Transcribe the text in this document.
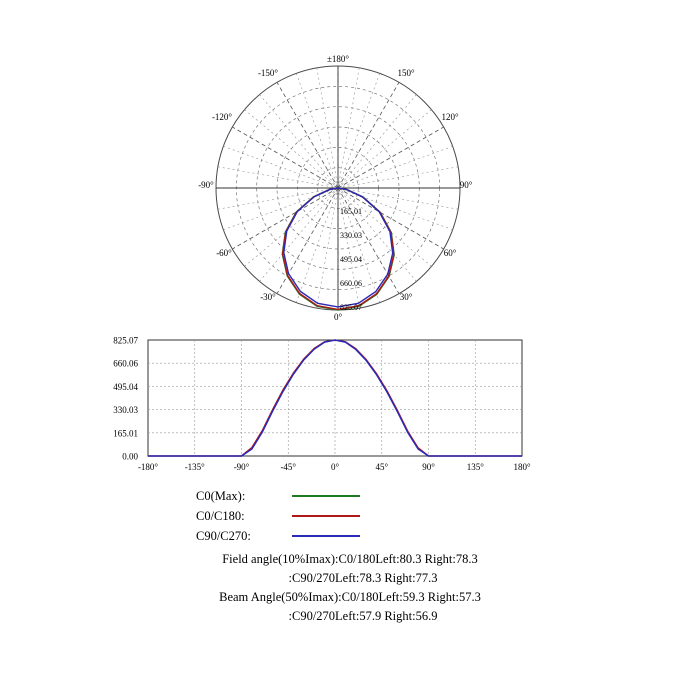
±180°
150°
120°
90°
60°
30°
0°
-30°
-60°
-90°
-120°
-150°
165.01
330.03
495.04
660.06
825.07
0.00
165.01
330.03
495.04
660.06
825.07
-180°	-135°	-90°	-45°	0°	45°	90°	135°	180°
C0(Max):
C0/C180:
C90/C270:
Field angle(10%Imax):C0/180Left:80.3 Right:78.3
:C90/270Left:78.3 Right:77.3
Beam Angle(50%Imax):C0/180Left:59.3 Right:57.3
:C90/270Left:57.9 Right:56.9
